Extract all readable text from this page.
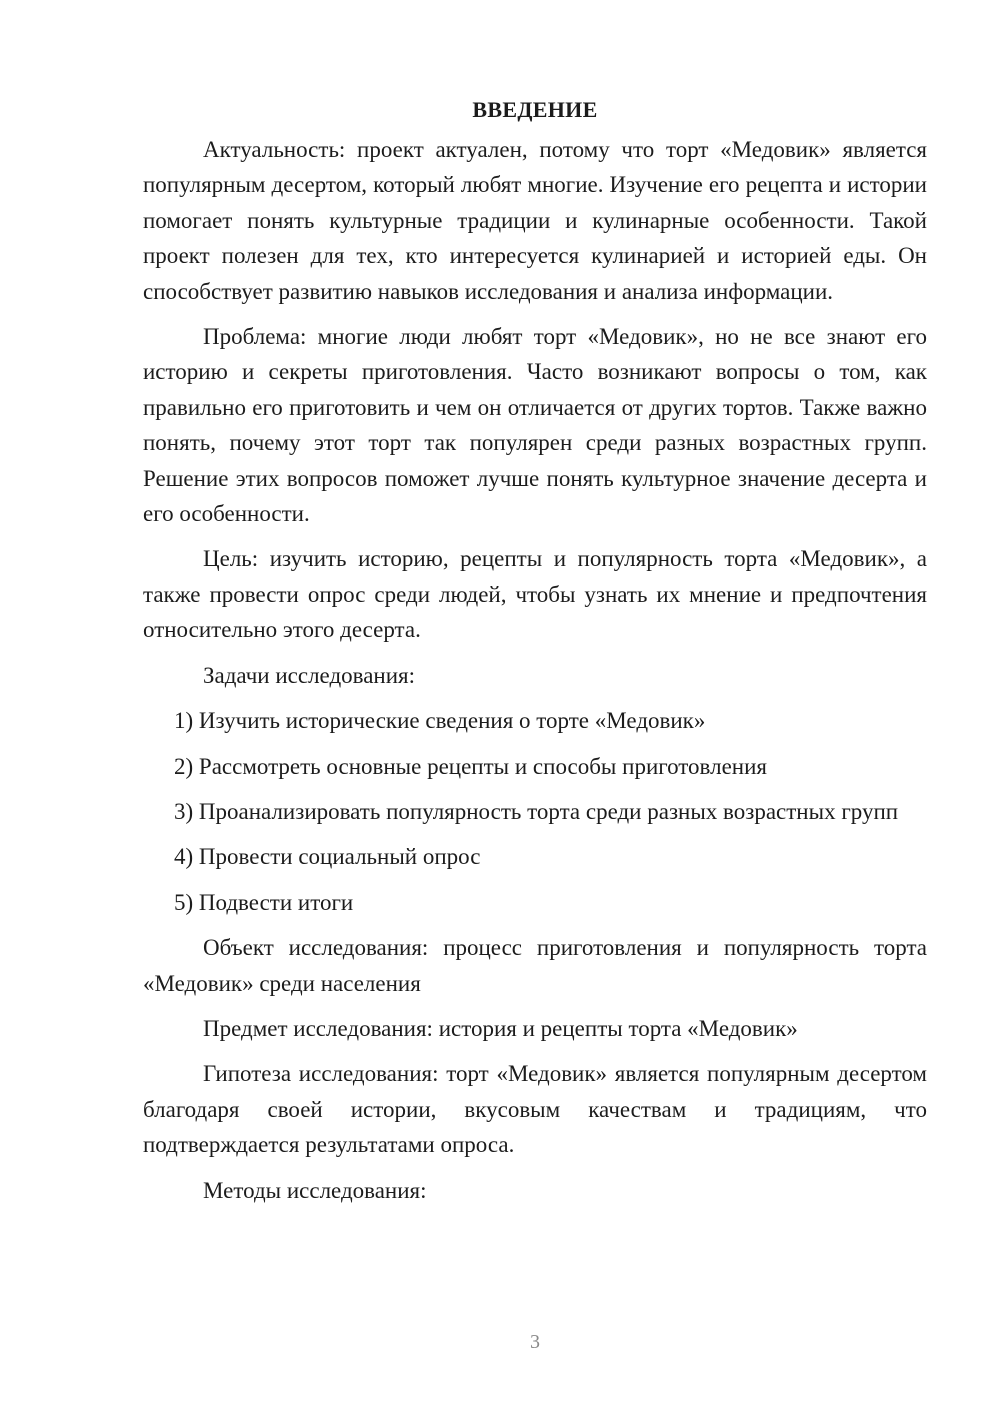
ВВЕДЕНИЕ

Актуальность: проект актуален, потому что торт «Медовик» является популярным десертом, который любят многие. Изучение его рецепта и истории помогает понять культурные традиции и кулинарные особенности. Такой проект полезен для тех, кто интересуется кулинарией и историей еды. Он способствует развитию навыков исследования и анализа информации.

Проблема: многие люди любят торт «Медовик», но не все знают его историю и секреты приготовления. Часто возникают вопросы о том, как правильно его приготовить и чем он отличается от других тортов. Также важно понять, почему этот торт так популярен среди разных возрастных групп. Решение этих вопросов поможет лучше понять культурное значение десерта и его особенности.

Цель: изучить историю, рецепты и популярность торта «Медовик», а также провести опрос среди людей, чтобы узнать их мнение и предпочтения относительно этого десерта.

Задачи исследования:

1) Изучить исторические сведения о торте «Медовик»

2) Рассмотреть основные рецепты и способы приготовления

3) Проанализировать популярность торта среди разных возрастных групп

4) Провести социальный опрос

5) Подвести итоги

Объект исследования: процесс приготовления и популярность торта «Медовик» среди населения

Предмет исследования: история и рецепты торта «Медовик»

Гипотеза исследования: торт «Медовик» является популярным десертом благодаря своей истории, вкусовым качествам и традициям, что подтверждается результатами опроса.

Методы исследования:

3
